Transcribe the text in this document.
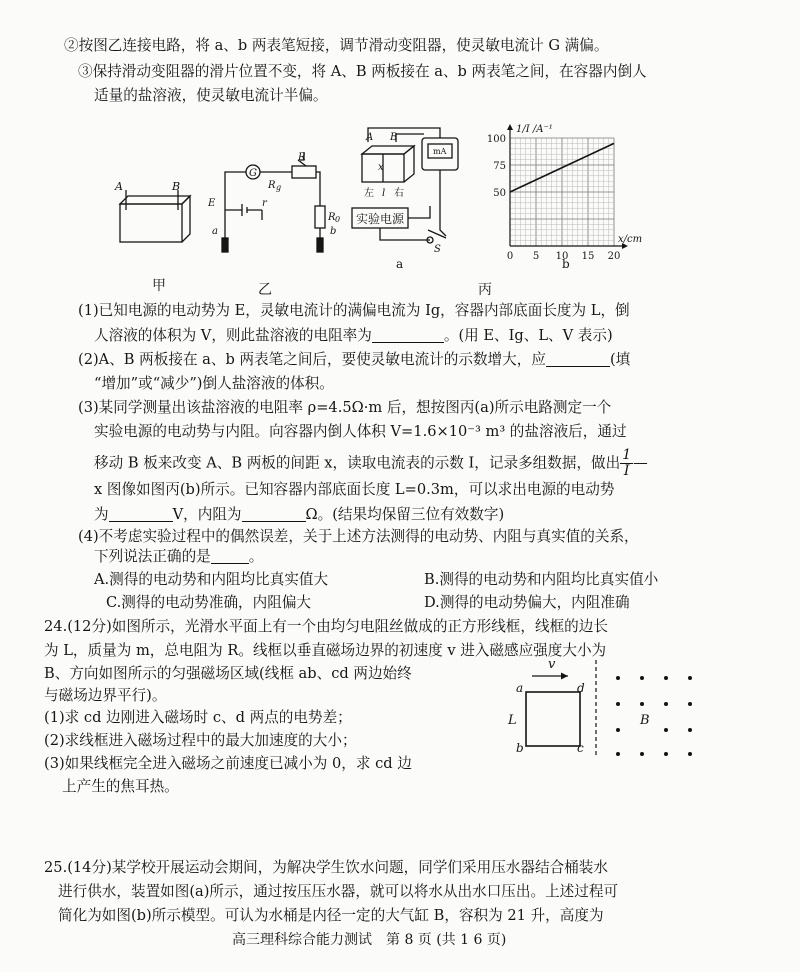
②按图乙连接电路，将 a、b 两表笔短接，调节滑动变阻器，使灵敏电流计 G 满偏。
③保持滑动变阻器的滑片位置不变，将 A、B 两板接在 a、b 两表笔之间，在容器内倒人
适量的盐溶液，使灵敏电流计半偏。
A	B
G
E	r
R g
R
R 0
a	b
A B
x
左 l 右
mA
实验电源
S
a
0 5 10 15 20
50
75
100
x/cm
1/I /A⁻¹
b
甲	乙	丙
(1)已知电源的电动势为 E，灵敏电流计的满偏电流为 Ig，容器内部底面长度为 L，倒
人溶液的体积为 V，则此盐溶液的电阻率为	。(用 E、Ig、L、V 表示)
(2)A、B 两板接在 a、b 两表笔之间后，要使灵敏电流计的示数增大，应	(填
“增加”或“减少”)倒人盐溶液的体积。
(3)某同学测量出该盐溶液的电阻率 ρ=4.5Ω·m 后，想按图丙(a)所示电路测定一个
实验电源的电动势与内阻。向容器内倒人体积 V=1.6×10⁻³ m³ 的盐溶液后，通过
移动 B 板来改变 A、B 两板的间距 x，读取电流表的示数 I，记录多组数据，做出 $\frac{1}{I}$ —
x 图像如图丙(b)所示。已知容器内部底面长度 L=0.3m，可以求出电源的电动势
为	V，内阻为	Ω。(结果均保留三位有效数字)
(4)不考虑实验过程中的偶然误差，关于上述方法测得的电动势、内阻与真实值的关系，
下列说法正确的是	。
A.测得的电动势和内阻均比真实值大	B.测得的电动势和内阻均比真实值小
C.测得的电动势准确，内阻偏大	D.测得的电动势偏大，内阻准确
24.(12分)如图所示，光滑水平面上有一个由均匀电阻丝做成的正方形线框，线框的边长
为 L，质量为 m，总电阻为 R。线框以垂直磁场边界的初速度 v 进入磁感应强度大小为
B、方向如图所示的匀强磁场区域(线框 ab、cd 两边始终
与磁场边界平行)。
(1)求 cd 边刚进入磁场时 c、d 两点的电势差；
(2)求线框进入磁场过程中的最大加速度的大小；
(3)如果线框完全进入磁场之前速度已减小为 0，求 cd 边
上产生的焦耳热。
v
a
b	c
d
L	B
25.(14分)某学校开展运动会期间，为解决学生饮水问题，同学们采用压水器结合桶装水
进行供水，装置如图(a)所示，通过按压压水器，就可以将水从出水口压出。上述过程可
简化为如图(b)所示模型。可认为水桶是内径一定的大气缸 B，容积为 21 升，高度为
高三理科综合能力测试　第 8 页 (共 1 6 页)
